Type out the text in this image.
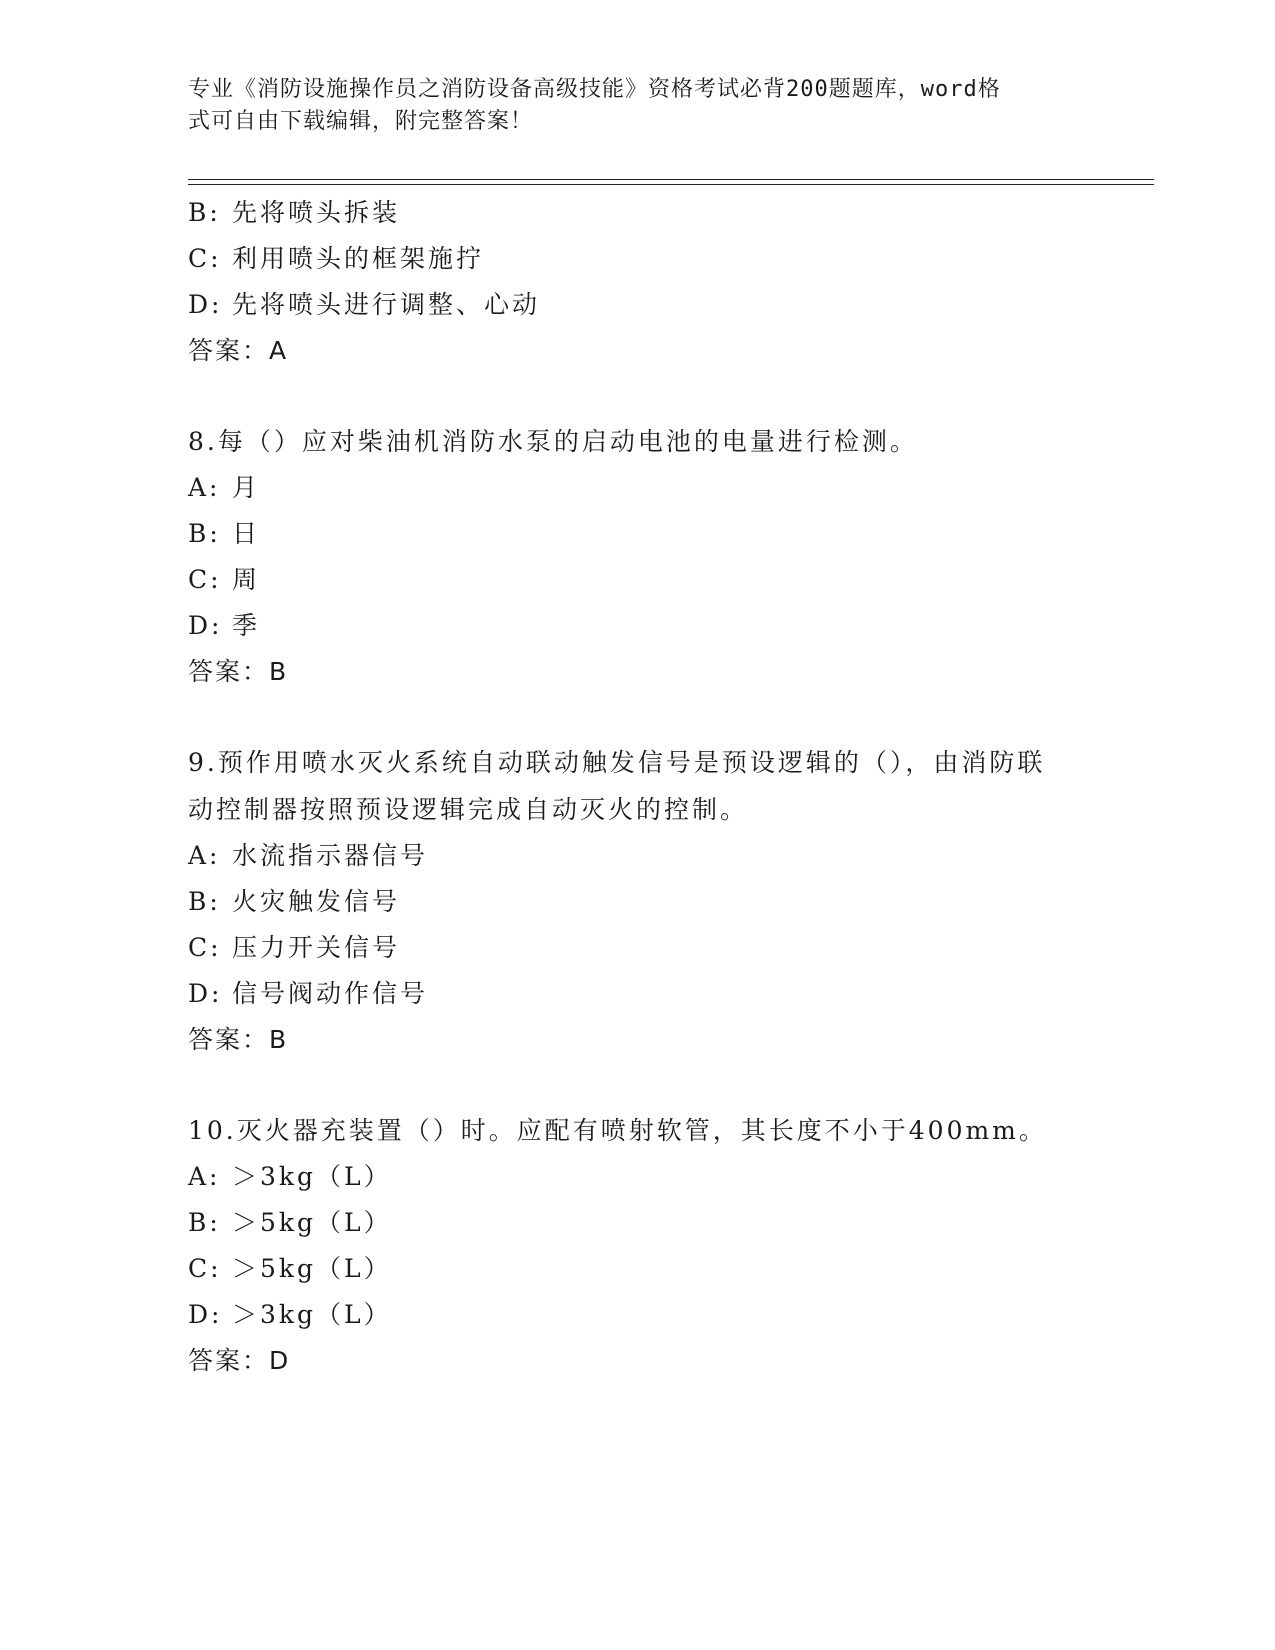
专业《消防设施操作员之消防设备高级技能》资格考试必背200题题库，word格
式可自由下载编辑，附完整答案！
B: 先将喷头拆装
C: 利用喷头的框架施拧
D: 先将喷头进行调整、心动
答案：A
8.每（）应对柴油机消防水泵的启动电池的电量进行检测。
A: 月
B: 日
C: 周
D: 季
答案：B
9.预作用喷水灭火系统自动联动触发信号是预设逻辑的（），由消防联动控制器按照预设逻辑完成自动灭火的控制。
A: 水流指示器信号
B: 火灾触发信号
C: 压力开关信号
D: 信号阀动作信号
答案：B
10.灭火器充装置（）时。应配有喷射软管，其长度不小于400mm。
A: ＞3kg（L）
B: ＞5kg（L）
C: ＞5kg（L）
D: ＞3kg（L）
答案：D
